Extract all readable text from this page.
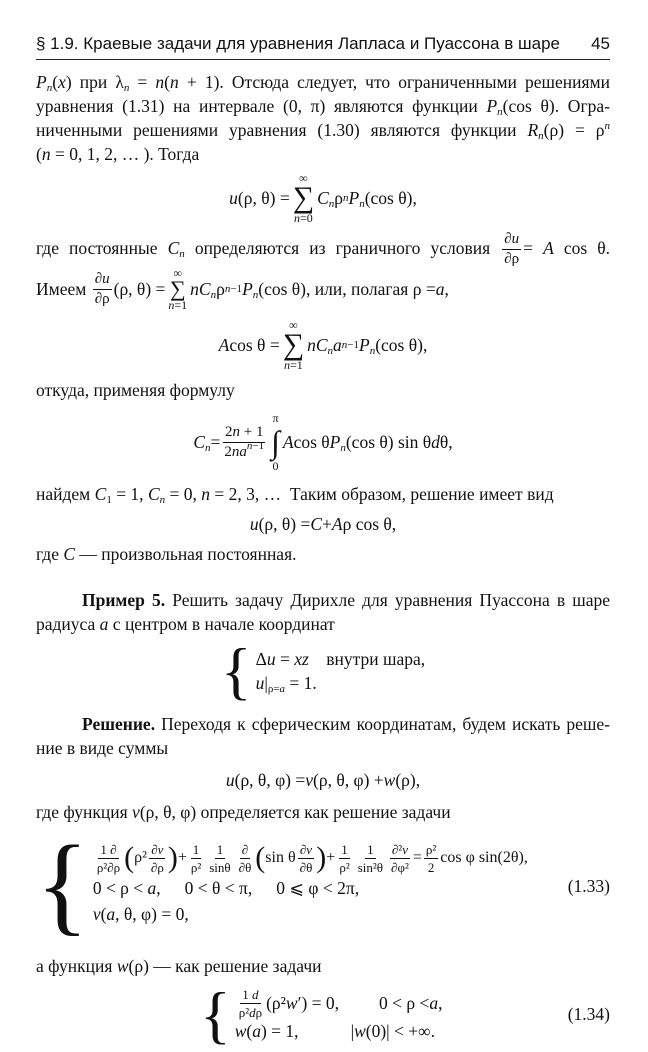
§ 1.9. Краевые задачи для уравнения Лапласа и Пуассона в шаре 45

$P_n(x)$ при $\lambda_n = n(n + 1)$. Отсюда следует, что ограниченными решениями

уравнения (1.31) на интервале (0, π) являются функции $P_n(\cos$ θ). Огра-

ниченными решениями уравнения (1.30) являются функции $R_n(\rho) = \rho^n$

(n = 0, 1, 2, … ). Тогда

u (ρ, θ) =
∞
∑
n=0
$C_n$ ρ n $P_n$ (cos θ),

где постоянные $C_n$ определяются из граничного условия $\frac{\partial u}{\partial\rho} = A$ cos θ.

Имеем
$\frac{\partial u}{\partial\rho} (\rho$, θ) =
∞
∑
n=1
$nC_n$ ρ n−1 $P_n$ (cos θ) , или, полагая ρ = a ,

A cos θ =
∞
∑
n=1
$nC_na$ n−1 $P_n$ (cos θ),

откуда, применяя формулу

$C_n = \frac{2n + 1}{2na^{n-1}}$
π
∫
0
A cos θ $P_n$ (cos θ) sin θ d θ,

найдем $C_1 = 1$, $C_n = 0$, n = 2, 3, …  Таким образом, решение имеет вид

u (ρ, θ) = C + A ρ cos θ,

где C — произвольная постоянная.

Пример 5. Решить задачу Дирихле для уравнения Пуассона в шаре

радиуса a с центром в начале координат

{ Δu = xz внутри шара,
$u|_{\rho=a} = 1$.

Решение. Переходя к сферическим координатам, будем искать реше-

ние в виде суммы

u (ρ, θ, φ) = v (ρ, θ, φ) + w (ρ),

где функция v(ρ, θ, φ) определяется как решение задачи

{ $\frac{1 \partial}{\text{ρ²∂ρ}}$ ( $\rho^2 \frac{\partial v}{\partial\rho}$ ) + $\frac{1}{\text{ρ²}} \frac{1}{\sin\theta} \frac{\partial}{\partial\theta}$ ( sin θ $\frac{\partial v}{\partial\theta}$ ) + $\frac{1}{\text{ρ²}} \frac{1}{\text{sin²θ}} \frac{\text{∂²v}}{\text{∂φ²}} = \frac{\text{ρ²}}{2}$ cos φ sin(2θ),
0 < ρ < a, 0 < θ < π, 0 ⩽ φ < 2π,
v(a, θ, φ) = 0,
(1.33)

а функция w(ρ) — как решение задачи

{ $\frac{1 d}{\text{ρ²dρ}} (\rho^2$ w ′) = 0, 0 < ρ < a ,
w(a) = 1,	|w(0)| < +∞.
(1.34)
